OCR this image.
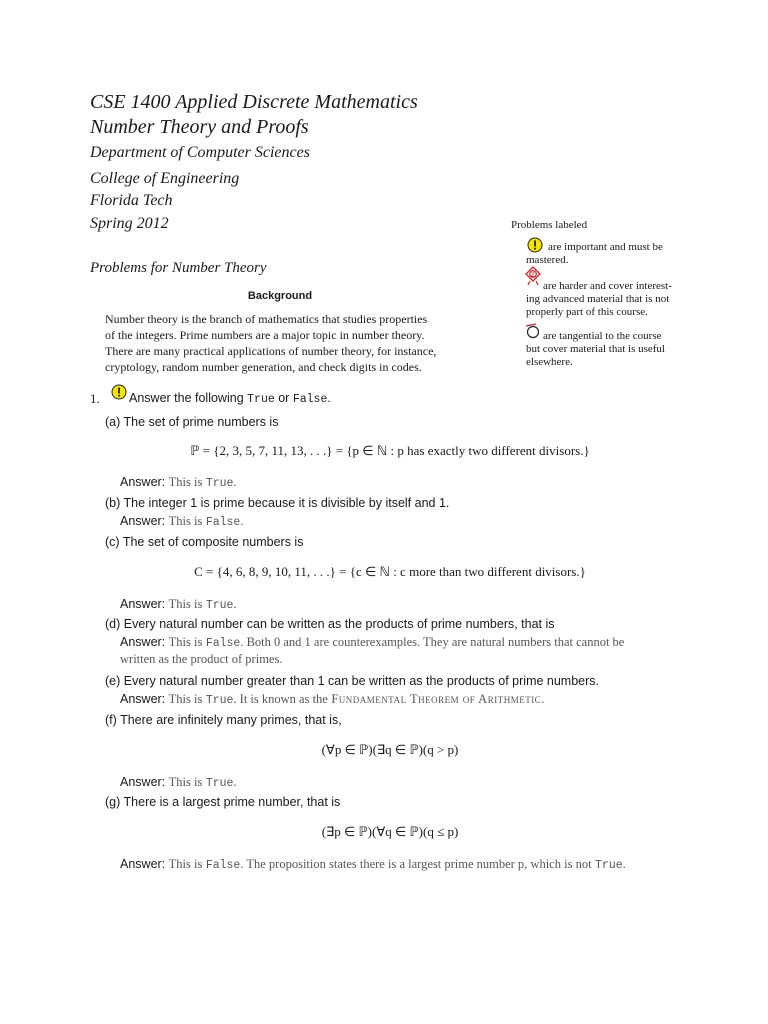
CSE 1400 Applied Discrete Mathematics
Number Theory and Proofs
Department of Computer Sciences
College of Engineering
Florida Tech
Spring 2012	Problems labeled
are important and must be
mastered.
z
are harder and cover interest-
ing advanced material that is not
properly part of this course.
are tangential to the course
but cover material that is useful
elsewhere.
Problems for Number Theory
Background
Number theory is the branch of mathematics that studies properties
of the integers. Prime numbers are a major topic in number theory.
There are many practical applications of number theory, for instance,
cryptology, random number generation, and check digits in codes.
1. Answer the following True or False.
(a) The set of prime numbers is
ℙ = {2, 3, 5, 7, 11, 13, . . .} = {p ∈ ℕ : p has exactly two different divisors.}
Answer: This is True.
(b) The integer 1 is prime because it is divisible by itself and 1.
Answer: This is False.
(c) The set of composite numbers is
C = {4, 6, 8, 9, 10, 11, . . .} = {c ∈ ℕ : c more than two different divisors.}
Answer: This is True.
(d) Every natural number can be written as the products of prime numbers, that is
Answer: This is False. Both 0 and 1 are counterexamples. They are natural numbers that cannot be
written as the product of primes.
(e) Every natural number greater than 1 can be written as the products of prime numbers.
Answer: This is True. It is known as the Fundamental Theorem of Arithmetic.
(f) There are infinitely many primes, that is,
(∀p ∈ ℙ)(∃q ∈ ℙ)(q > p)
Answer: This is True.
(g) There is a largest prime number, that is
(∃p ∈ ℙ)(∀q ∈ ℙ)(q ≤ p)
Answer: This is False. The proposition states there is a largest prime number p, which is not True.
